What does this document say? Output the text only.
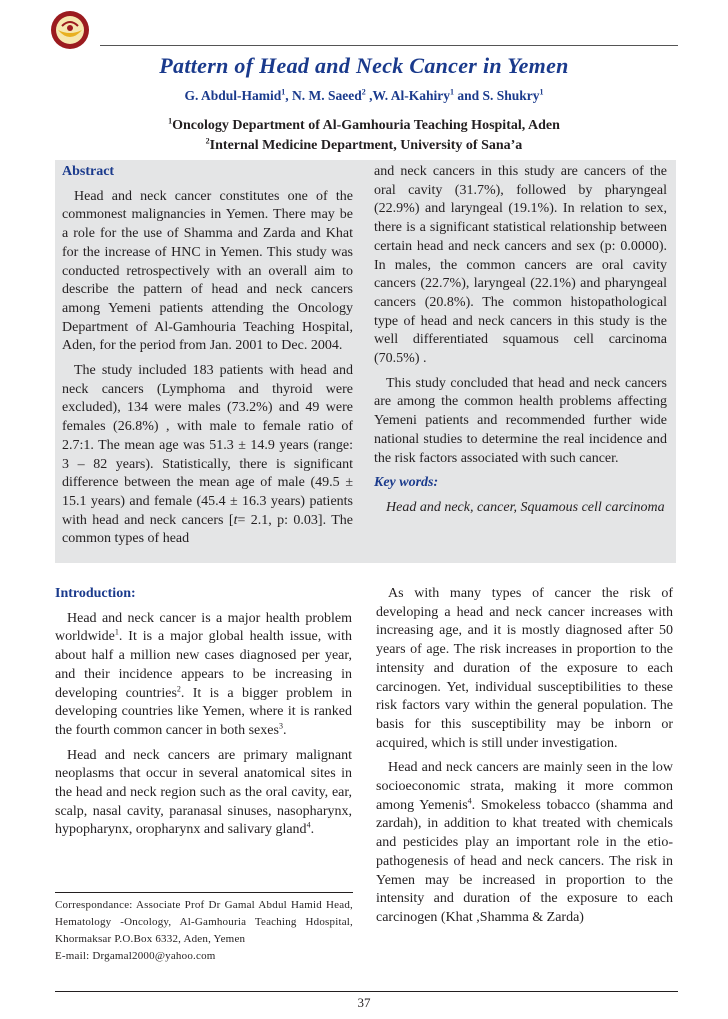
Pattern of Head and Neck Cancer in Yemen
G. Abdul-Hamid$^1$, N. M. Saeed$^2$ ,W. Al-Kahiry$^1$ and S. Shukry$^1$
$^1$Oncology Department of Al-Gamhouria Teaching Hospital, Aden
$^2$Internal Medicine Department, University of Sana’a

Abstract

Head and neck cancer constitutes one of the commonest malignancies in Yemen. There may be a role for the use of Shamma and Zarda and Khat for the increase of HNC in Yemen. This study was conducted retrospectively with an overall aim to describe the pattern of head and neck cancers among Yemeni patients attending the Oncology Department of Al-Gamhouria Teaching Hospital, Aden, for the period from Jan. 2001 to Dec. 2004.

The study included 183 patients with head and neck cancers (Lymphoma and thyroid were excluded), 134 were males (73.2%) and 49 were females (26.8%) , with male to female ratio of 2.7:1. The mean age was 51.3 ± 14.9 years (range: 3 – 82 years). Statistically, there is significant difference between the mean age of male (49.5 ± 15.1 years) and female (45.4 ± 16.3 years) patients with head and neck cancers [t= 2.1, p: 0.03]. The common types of head

and neck cancers in this study are cancers of the oral cavity (31.7%), followed by pharyngeal (22.9%) and laryngeal (19.1%). In relation to sex, there is a significant statistical relationship between certain head and neck cancers and sex (p: 0.0000). In males, the common cancers are oral cavity cancers (22.7%), laryngeal (22.1%) and pharyngeal cancers (20.8%). The common histopathological type of head and neck cancers in this study is the well differentiated squamous cell carcinoma (70.5%) .

This study concluded that head and neck cancers are among the common health problems affecting Yemeni patients and recommended further wide national studies to determine the real incidence and the risk factors associated with such cancer.

Key words:

Head and neck, cancer, Squamous cell carcinoma

Introduction:

Head and neck cancer is a major health problem worldwide$^1$. It is a major global health issue, with about half a million new cases diagnosed per year, and their incidence appears to be increasing in developing countries$^2$. It is a bigger problem in developing countries like Yemen, where it is ranked the fourth common cancer in both sexes$^3$.

Head and neck cancers are primary malignant neoplasms that occur in several anatomical sites in the head and neck region such as the oral cavity, ear, scalp, nasal cavity, paranasal sinuses, nasopharynx, hypopharynx, oropharynx and salivary gland$^4$.

As with many types of cancer the risk of developing a head and neck cancer increases with increasing age, and it is mostly diagnosed after 50 years of age. The risk increases in proportion to the intensity and duration of the exposure to each carcinogen. Yet, individual susceptibilities to these risk factors vary within the general population. The basis for this susceptibility may be inborn or acquired, which is still under investigation.

Head and neck cancers are mainly seen in the low socioeconomic strata, making it more common among Yemenis$^4$. Smokeless tobacco (shamma and zardah), in addition to khat treated with chemicals and pesticides play an important role in the etio-pathogenesis of head and neck cancers. The risk in Yemen may be increased in proportion to the intensity and duration of the exposure to each carcinogen (Khat ,Shamma & Zarda)

Correspondance: Associate Prof Dr Gamal Abdul Hamid Head, Hematology -Oncology, Al-Gamhouria Teaching Hdospital, Khormaksar P.O.Box 6332, Aden, Yemen
E-mail: Drgamal2000@yahoo.com
37
